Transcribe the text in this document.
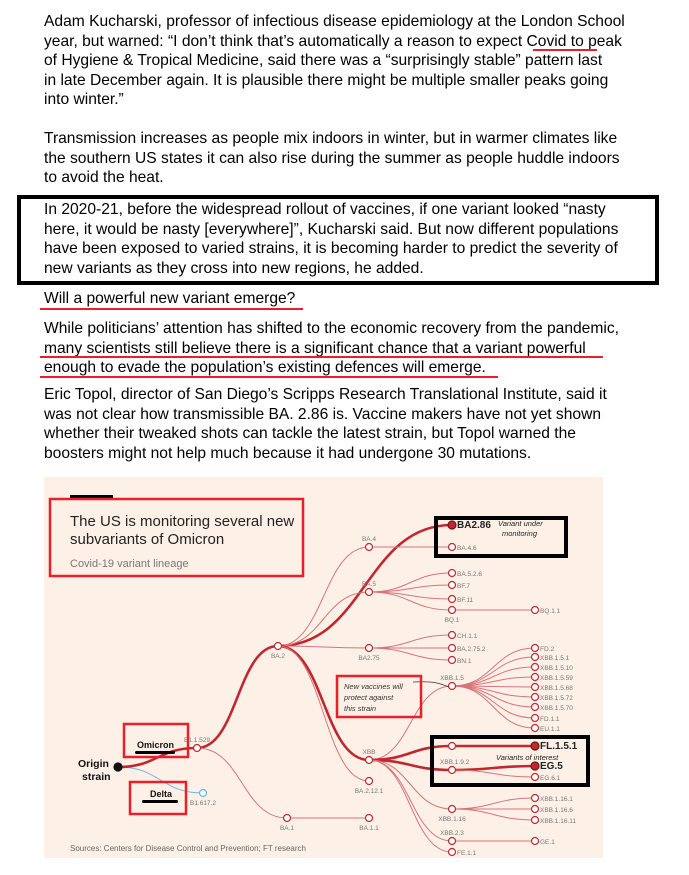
Adam Kucharski, professor of infectious disease epidemiology at the London School
year, but warned: “I don’t think that’s automatically a reason to expect Covid to peak
of Hygiene & Tropical Medicine, said there was a “surprisingly stable” pattern last
in late December again. It is plausible there might be multiple smaller peaks going
into winter.”
Transmission increases as people mix indoors in winter, but in warmer climates like
the southern US states it can also rise during the summer as people huddle indoors
to avoid the heat.
In 2020-21, before the widespread rollout of vaccines, if one variant looked “nasty
here, it would be nasty [everywhere]”, Kucharski said. But now different populations
have been exposed to varied strains, it is becoming harder to predict the severity of
new variants as they cross into new regions, he added.
Will a powerful new variant emerge?
While politicians’ attention has shifted to the economic recovery from the pandemic,
many scientists still believe there is a significant chance that a variant powerful
enough to evade the population’s existing defences will emerge.
Eric Topol, director of San Diego’s Scripps Research Translational Institute, said it
was not clear how transmissible BA. 2.86 is. Vaccine makers have not yet shown
whether their tweaked shots can tackle the latest strain, but Topol warned the
boosters might not help much because it had undergone 30 mutations.
B1.617.2
B1.1.529
BA.2
BA.1	BA.1.1
BA2.86
BA.4
BA.4.6
BA.5
BA.5.2.6
BF.7
BF.11
BQ.1
BQ.1.1
BA2.75
CH.1.1
BA.2.75.2
BN.1
XBB
BA.2.12.1
XBB.1.5
FD.2
XBB.1.5.1
XBB.1.5.10
XBB.1.5.59
XBB.1.5.68
XBB.1.5.72
XBB.1.5.70
FD.1.1
EU.1.1
FL.1.5.1
XBB.1.9.2	EG.5
EG.6.1
XBB.1.16
XBB.1.16.1
XBB.1.16.6
XBB.1.16.11
XBB.2.3
GE.1
FE.1.1
The US is monitoring several new
subvariants of Omicron
Covid-19 variant lineage
Sources: Centers for Disease Control and Prevention; FT research
Variant under
monitoring
Variants of interest
New vaccines will
protect against
this strain
Omicron
Delta
Origin
strain
